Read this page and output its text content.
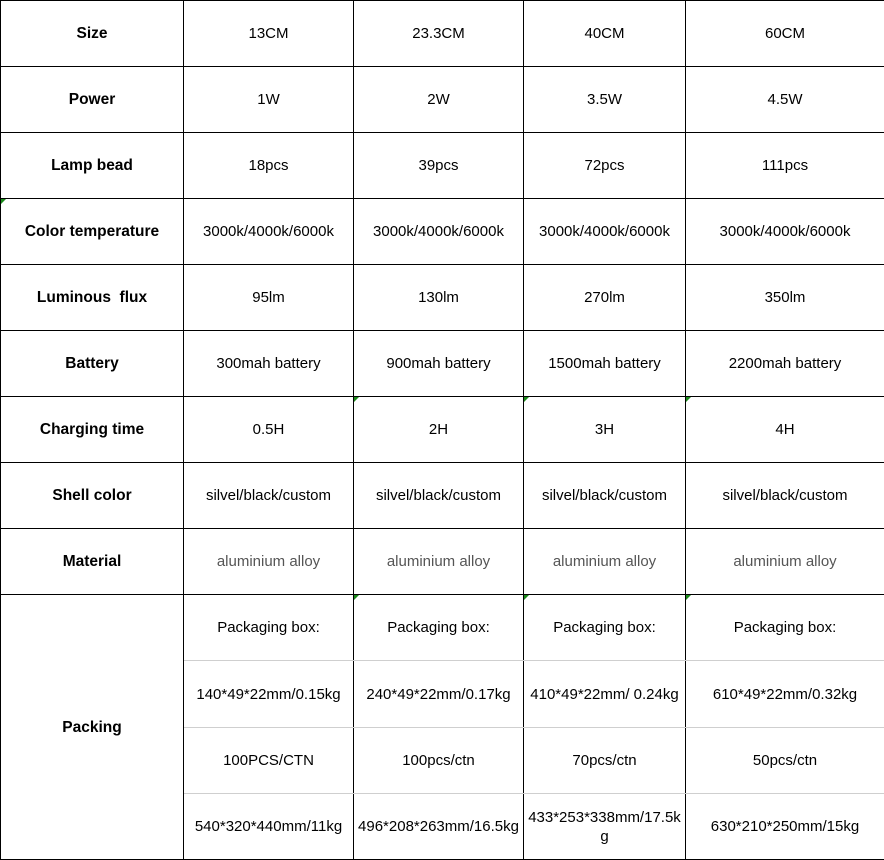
Size	13CM	23.3CM	40CM	60CM
Power	1W	2W	3.5W	4.5W
Lamp bead	18pcs	39pcs	72pcs	111pcs

Color temperature	3000k/4000k/6000k	3000k/4000k/6000k	3000k/4000k/6000k	3000k/4000k/6000k
Luminous  flux	95lm	130lm	270lm	350lm
Battery	300mah battery	900mah battery	1500mah battery	2200mah battery
Charging time	0.5H	2H	3H	4H
Shell color	silvel/black/custom	silvel/black/custom	silvel/black/custom	silvel/black/custom
Material	aluminium alloy	aluminium alloy	aluminium alloy	aluminium alloy
Packing	Packaging box:	Packaging box:	Packaging box:	Packaging box:
	140*49*22mm/0.15kg	240*49*22mm/0.17kg	410*49*22mm/ 0.24kg	610*49*22mm/0.32kg
	100PCS/CTN	100pcs/ctn	70pcs/ctn	50pcs/ctn
	540*320*440mm/11kg	496*208*263mm/16.5kg	433*253*338mm/17.5kg	630*210*250mm/15kg
